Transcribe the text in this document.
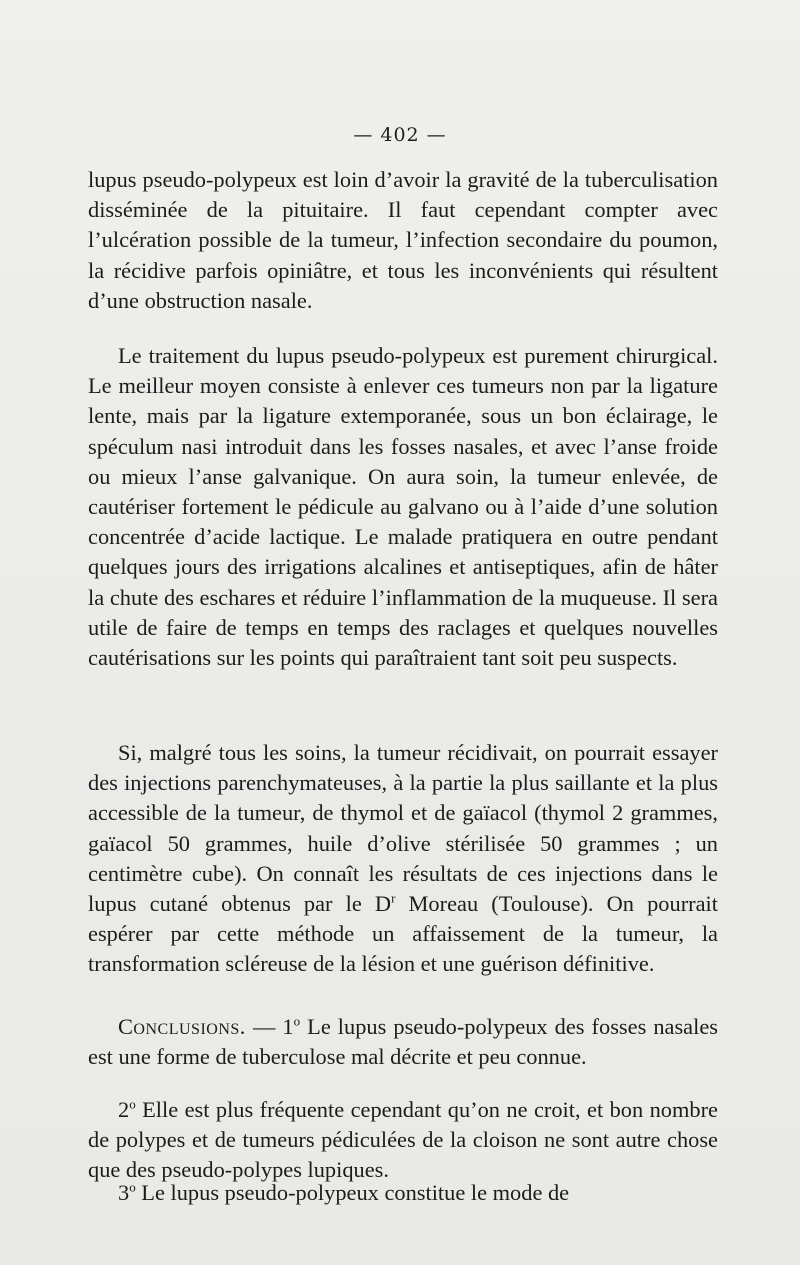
— 402 —

lupus pseudo-polypeux est loin d’avoir la gravité de la tuberculisation disséminée de la pituitaire. Il faut cependant compter avec l’ulcération possible de la tumeur, l’infection secondaire du poumon, la récidive parfois opiniâtre, et tous les inconvénients qui résultent d’une obstruction nasale.

Le traitement du lupus pseudo-polypeux est purement chirurgical. Le meilleur moyen consiste à enlever ces tumeurs non par la ligature lente, mais par la ligature extemporanée, sous un bon éclairage, le spéculum nasi introduit dans les fosses nasales, et avec l’anse froide ou mieux l’anse galvanique. On aura soin, la tumeur enlevée, de cautériser fortement le pédicule au galvano ou à l’aide d’une solution concentrée d’acide lactique. Le malade pratiquera en outre pendant quelques jours des irrigations alcalines et antiseptiques, afin de hâter la chute des eschares et réduire l’inflammation de la muqueuse. Il sera utile de faire de temps en temps des raclages et quelques nouvelles cautérisations sur les points qui paraîtraient tant soit peu suspects.

Si, malgré tous les soins, la tumeur récidivait, on pourrait essayer des injections parenchymateuses, à la partie la plus saillante et la plus accessible de la tumeur, de thymol et de gaïacol (thymol 2 grammes, gaïacol 50 grammes, huile d’olive stérilisée 50 grammes ; un centimètre cube). On connaît les résultats de ces injections dans le lupus cutané obtenus par le $D^r$ Moreau (Toulouse). On pourrait espérer par cette méthode un affaissement de la tumeur, la transformation scléreuse de la lésion et une guérison définitive.

Conclusions. — 1$^o$ Le lupus pseudo-polypeux des fosses nasales est une forme de tuberculose mal décrite et peu connue.

2$^o$ Elle est plus fréquente cependant qu’on ne croit, et bon nombre de polypes et de tumeurs pédiculées de la cloison ne sont autre chose que des pseudo-polypes lupiques.

3$^o$ Le lupus pseudo-polypeux constitue le mode de
